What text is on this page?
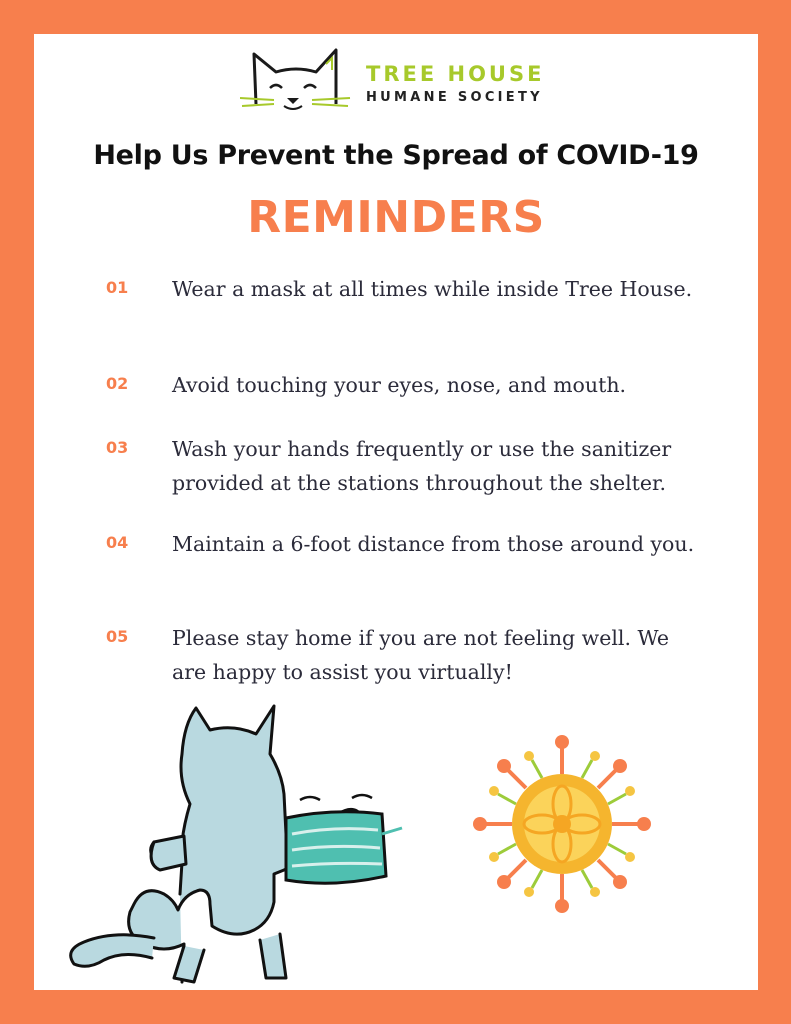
TREE HOUSE
HUMANE SOCIETY
Help Us Prevent the Spread of COVID-19
REMINDERS
01 Wear a mask at all times while inside Tree House.
02 Avoid touching your eyes, nose, and mouth.
03 Wash your hands frequently or use the sanitizer provided at the stations throughout the shelter.
04 Maintain a 6-foot distance from those around you.
05 Please stay home if you are not feeling well. We are happy to assist you virtually!
